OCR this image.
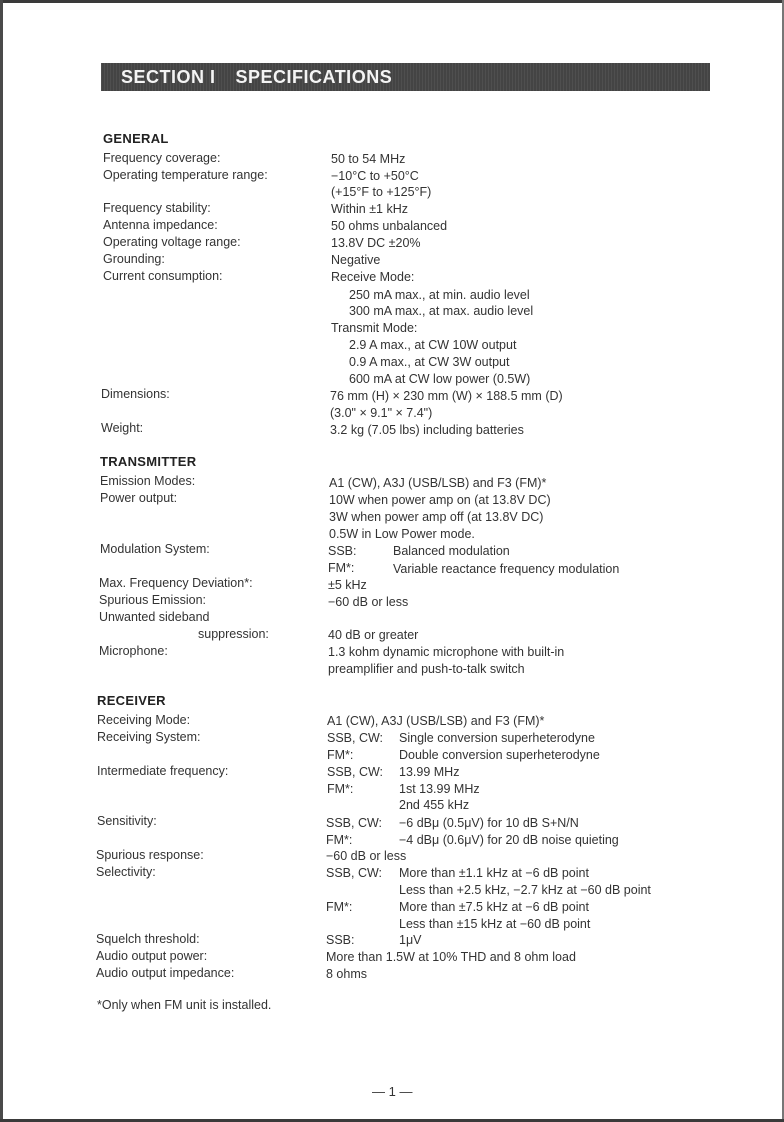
SECTION I SPECIFICATIONS
GENERAL
Frequency coverage:	50 to 54 MHz
Operating temperature range:	−10°C to +50°C
(+15°F to +125°F)
Frequency stability:	Within ±1 kHz
Antenna impedance:	50 ohms unbalanced
Operating voltage range:	13.8V DC ±20%
Grounding:	Negative
Current consumption:	Receive Mode:
250 mA max., at min. audio level
300 mA max., at max. audio level
Transmit Mode:
2.9 A max., at CW 10W output
0.9 A max., at CW 3W output
600 mA at CW low power (0.5W)
Dimensions:	76 mm (H) × 230 mm (W) × 188.5 mm (D)
(3.0" × 9.1" × 7.4")
Weight:	3.2 kg (7.05 lbs) including batteries
TRANSMITTER
Emission Modes:	A1 (CW), A3J (USB/LSB) and F3 (FM)*
Power output:	10W when power amp on (at 13.8V DC)
3W when power amp off (at 13.8V DC)
0.5W in Low Power mode.
Modulation System:	SSB:	Balanced modulation
FM*:	Variable reactance frequency modulation
Max. Frequency Deviation*:	±5 kHz
Spurious Emission:	−60 dB or less
Unwanted sideband
suppression:	40 dB or greater
Microphone:	1.3 kohm dynamic microphone with built-in
preamplifier and push-to-talk switch
RECEIVER
Receiving Mode:	A1 (CW), A3J (USB/LSB) and F3 (FM)*
Receiving System:	SSB, CW: Single conversion superheterodyne
FM*:	Double conversion superheterodyne
Intermediate frequency:	SSB, CW: 13.99 MHz
FM*:	1st 13.99 MHz
2nd 455 kHz
Sensitivity:	SSB, CW: −6 dBμ (0.5μV) for 10 dB S+N/N
FM*:	−4 dBμ (0.6μV) for 20 dB noise quieting
Spurious response:	−60 dB or less
Selectivity:	SSB, CW: More than ±1.1 kHz at −6 dB point
Less than +2.5 kHz, −2.7 kHz at −60 dB point
FM*:	More than ±7.5 kHz at −6 dB point
Less than ±15 kHz at −60 dB point
Squelch threshold:	SSB:	1μV
Audio output power:	More than 1.5W at 10% THD and 8 ohm load
Audio output impedance:	8 ohms
*Only when FM unit is installed.
— 1 —
